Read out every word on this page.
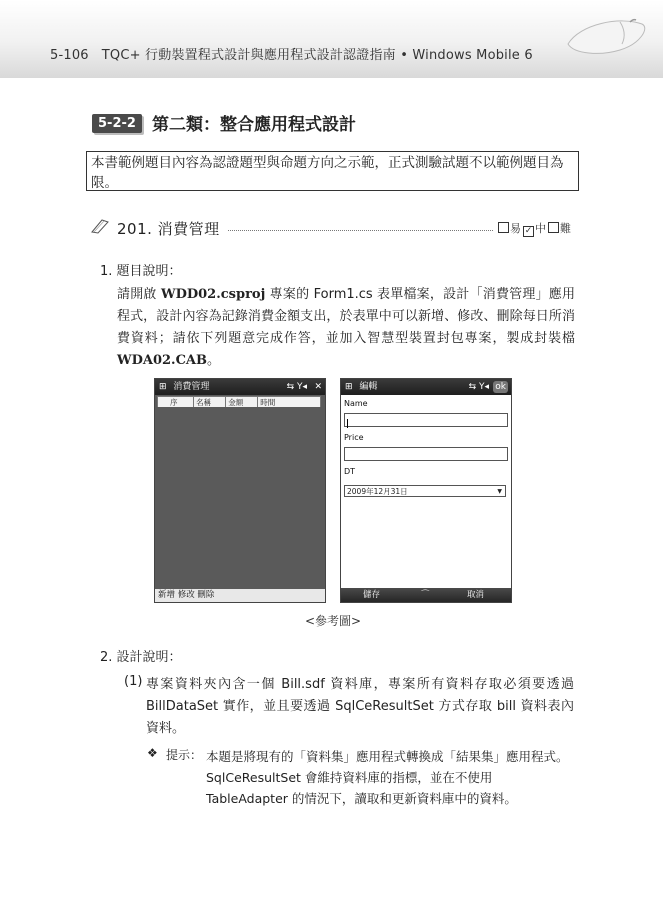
5-106 TQC+ 行動裝置程式設計與應用程式設計認證指南 • Windows Mobile 6
5-2-2 第二類：整合應用程式設計
本書範例題目內容為認證題型與命題方向之示範，正式測驗試題不以範例題目為限。
201. 消費管理	易 ✓ 中 難
1. 題目說明：
請開啟 WDD02.csproj 專案的 Form1.cs 表單檔案，設計「消費管理」應用程式，設計內容為記錄消費金額支出，於表單中可以新增、修改、刪除每日所消費資料；請依下列題意完成作答，並加入智慧型裝置封包專案，製成封裝檔 WDA02.CAB。
⊞ 消費管理	⇆ Y◂ ✕
序	名稱	金額	時間

新增 修改 刪除
⊞ 編輯	⇆ Y◂ ok
Name
Price
DT
2009年12月31日	▼
儲存	⌒	取消
<參考圖>
2. 設計說明：
(1) 專案資料夾內含一個 Bill.sdf 資料庫，專案所有資料存取必須要透過 BillDataSet 實作，並且要透過 SqlCeResultSet 方式存取 bill 資料表內資料。
❖ 提示： 本題是將現有的「資料集」應用程式轉換成「結果集」應用程式。SqlCeResultSet 會維持資料庫的指標，並在不使用 TableAdapter 的情況下，讀取和更新資料庫中的資料。
